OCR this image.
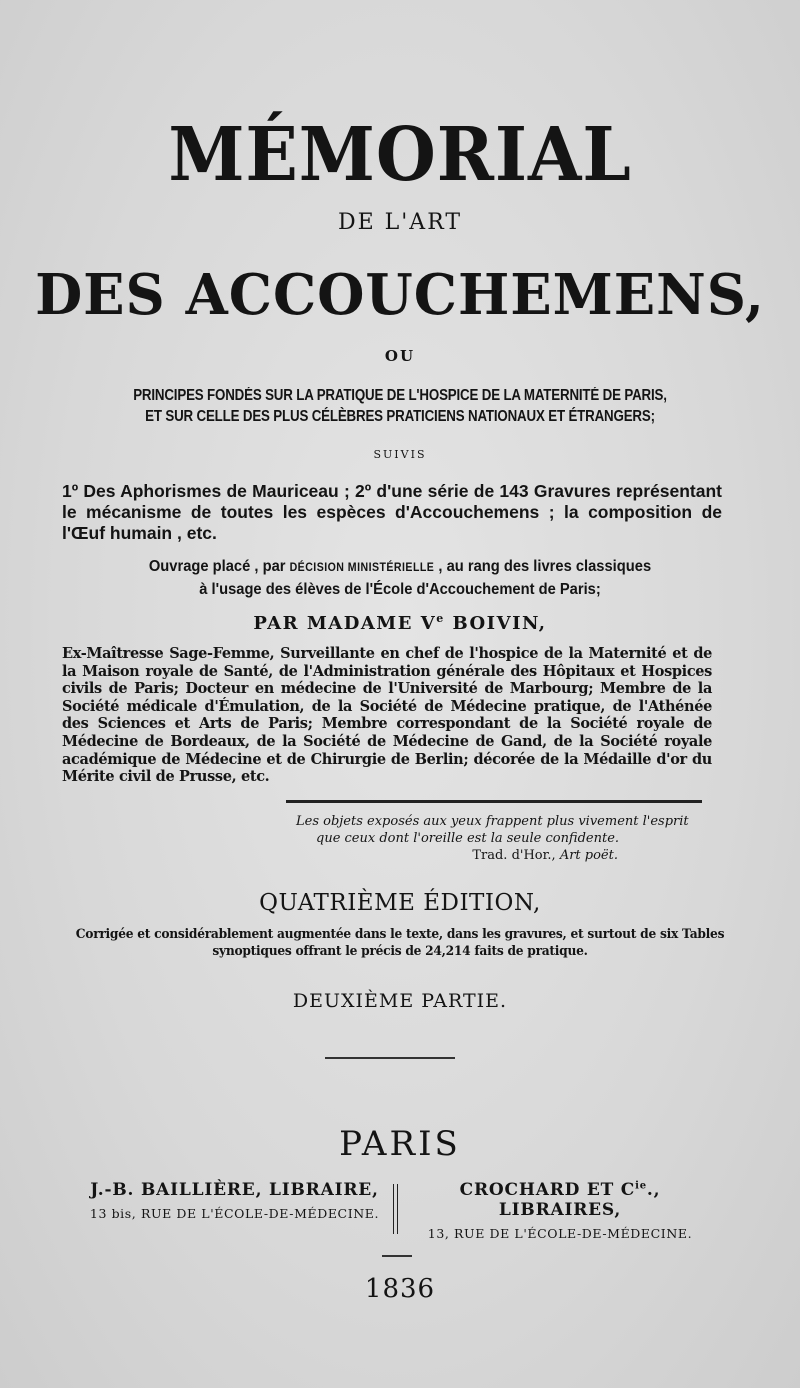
MÉMORIAL
DE L'ART
DES ACCOUCHEMENS,
OU
PRINCIPES FONDÉS SUR LA PRATIQUE DE L'HOSPICE DE LA MATERNITÉ DE PARIS,
ET SUR CELLE DES PLUS CÉLÈBRES PRATICIENS NATIONAUX ET ÉTRANGERS;
SUIVIS

1º Des Aphorismes de Mauriceau ; 2º d'une série de 143 Gravures représentant le mécanisme de toutes les espèces d'Accouchemens ; la composition de l'Œuf humain , etc.

Ouvrage placé , par DÉCISION MINISTÉRIELLE , au rang des livres classiques
à l'usage des élèves de l'École d'Accouchement de Paris;
PAR MADAME Ve BOIVIN,
Ex-Maîtresse Sage-Femme, Surveillante en chef de l'hospice de la Maternité et de la Maison royale de Santé, de l'Administration générale des Hôpitaux et Hospices civils de Paris; Docteur en médecine de l'Université de Marbourg; Membre de la Société médicale d'Émulation, de la Société de Médecine pratique, de l'Athénée des Sciences et Arts de Paris; Membre correspondant de la Société royale de Médecine de Bordeaux, de la Société de Médecine de Gand, de la Société royale académique de Médecine et de Chirurgie de Berlin; décorée de la Médaille d'or du Mérite civil de Prusse, etc.
Les objets exposés aux yeux frappent plus vivement l'esprit
que ceux dont l'oreille est la seule confidente.
Trad. d'Hor., Art poët.
QUATRIÈME ÉDITION,
Corrigée et considérablement augmentée dans le texte, dans les gravures, et surtout de six Tables
synoptiques offrant le précis de 24,214 faits de pratique.
DEUXIÈME PARTIE.
PARIS
J.-B. BAILLIÈRE, LIBRAIRE,
13 bis, RUE DE L'ÉCOLE-DE-MÉDECINE.
CROCHARD ET $C^{ie}$., LIBRAIRES,
13, RUE DE L'ÉCOLE-DE-MÉDECINE.
1836
